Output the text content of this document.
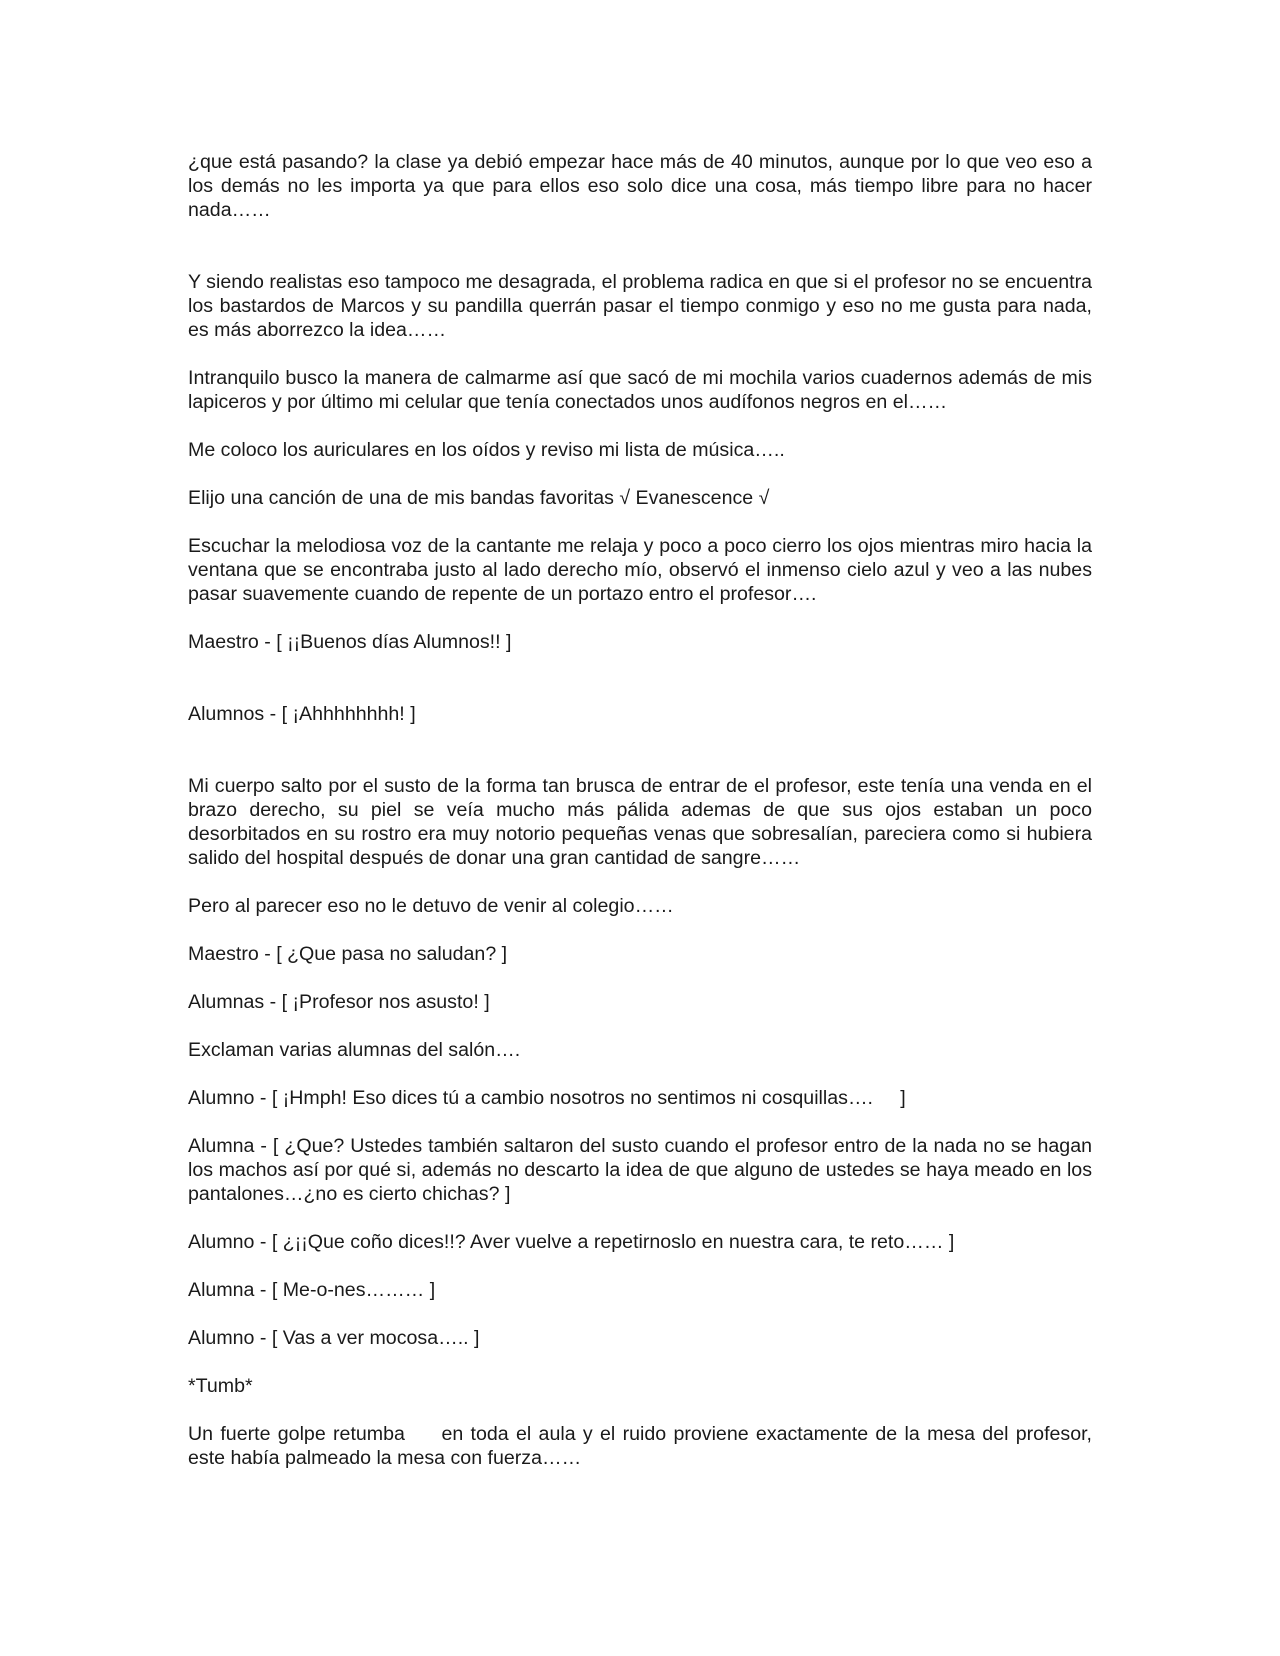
¿que está pasando? la clase ya debió empezar hace más de 40 minutos, aunque por lo que veo eso a los demás no les importa ya que para ellos eso solo dice una cosa, más tiempo libre para no hacer nada……

Y siendo realistas eso tampoco me desagrada, el problema radica en que si el profesor no se encuentra los bastardos de Marcos y su pandilla querrán pasar el tiempo conmigo y eso no me gusta para nada, es más aborrezco la idea……

Intranquilo busco la manera de calmarme así que sacó de mi mochila varios cuadernos además de mis lapiceros y por último mi celular que tenía conectados unos audífonos negros en el……

Me coloco los auriculares en los oídos y reviso mi lista de música…..

Elijo una canción de una de mis bandas favoritas √ Evanescence √

Escuchar la melodiosa voz de la cantante me relaja y poco a poco cierro los ojos mientras miro hacia la ventana que se encontraba justo al lado derecho mío, observó el inmenso cielo azul y veo a las nubes pasar suavemente cuando de repente de un portazo entro el profesor….

Maestro - [ ¡¡Buenos días Alumnos!! ]

Alumnos - [ ¡Ahhhhhhhh! ]

Mi cuerpo salto por el susto de la forma tan brusca de entrar de el profesor, este tenía una venda en el brazo derecho, su piel se veía mucho más pálida ademas de que sus ojos estaban un poco desorbitados en su rostro era muy notorio pequeñas venas que sobresalían, pareciera como si hubiera salido del hospital después de donar una gran cantidad de sangre……

Pero al parecer eso no le detuvo de venir al colegio……

Maestro - [ ¿Que pasa no saludan? ]

Alumnas - [ ¡Profesor nos asusto! ]

Exclaman varias alumnas del salón….

Alumno - [ ¡Hmph! Eso dices tú a cambio nosotros no sentimos ni cosquillas….     ]

Alumna - [ ¿Que? Ustedes también saltaron del susto cuando el profesor entro de la nada no se hagan los machos así por qué si, además no descarto la idea de que alguno de ustedes se haya meado en los pantalones…¿no es cierto chichas? ]

Alumno - [ ¿¡¡Que coño dices!!? Aver vuelve a repetirnoslo en nuestra cara, te reto…… ]

Alumna - [ Me-o-nes……… ]

Alumno - [ Vas a ver mocosa….. ]

*Tumb*

Un fuerte golpe retumba     en toda el aula y el ruido proviene exactamente de la mesa del profesor, este había palmeado la mesa con fuerza……
